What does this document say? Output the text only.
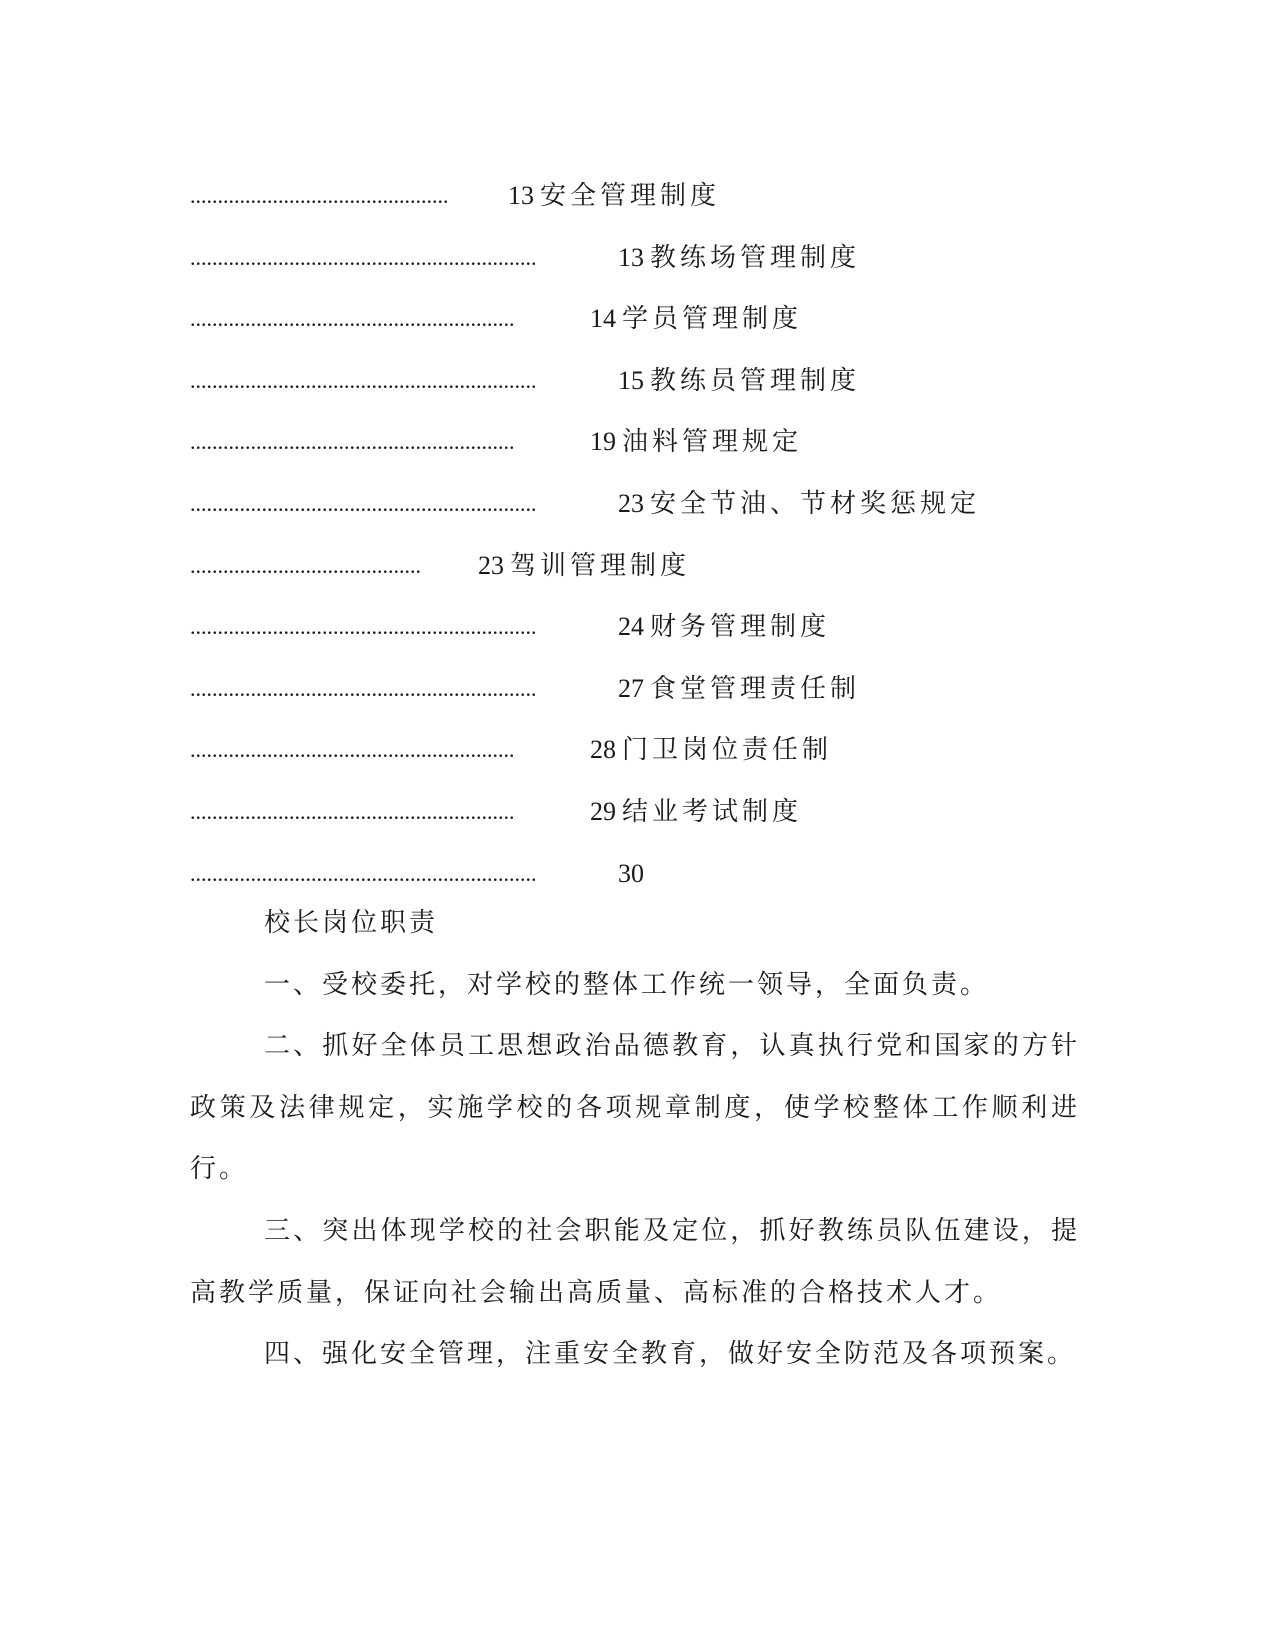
............................................... 13 安全管理制度
...............................................................	13 教练场管理制度
...........................................................	14 学员管理制度
...............................................................	15 教练员管理制度
...........................................................	19 油料管理规定
...............................................................	23 安全节油、节材奖惩规定
.......................................... 23 驾训管理制度
...............................................................	24 财务管理制度
...............................................................	27 食堂管理责任制
...........................................................	28 门卫岗位责任制
...........................................................	29 结业考试制度
...............................................................	30

校长岗位职责

一、受校委托，对学校的整体工作统一领导，全面负责。

二、抓好全体员工思想政治品德教育，认真执行党和国家的方针政策及法律规定，实施学校的各项规章制度，使学校整体工作顺利进行。

三、突出体现学校的社会职能及定位，抓好教练员队伍建设，提高教学质量，保证向社会输出高质量、高标准的合格技术人才。

四、强化安全管理，注重安全教育，做好安全防范及各项预案。
